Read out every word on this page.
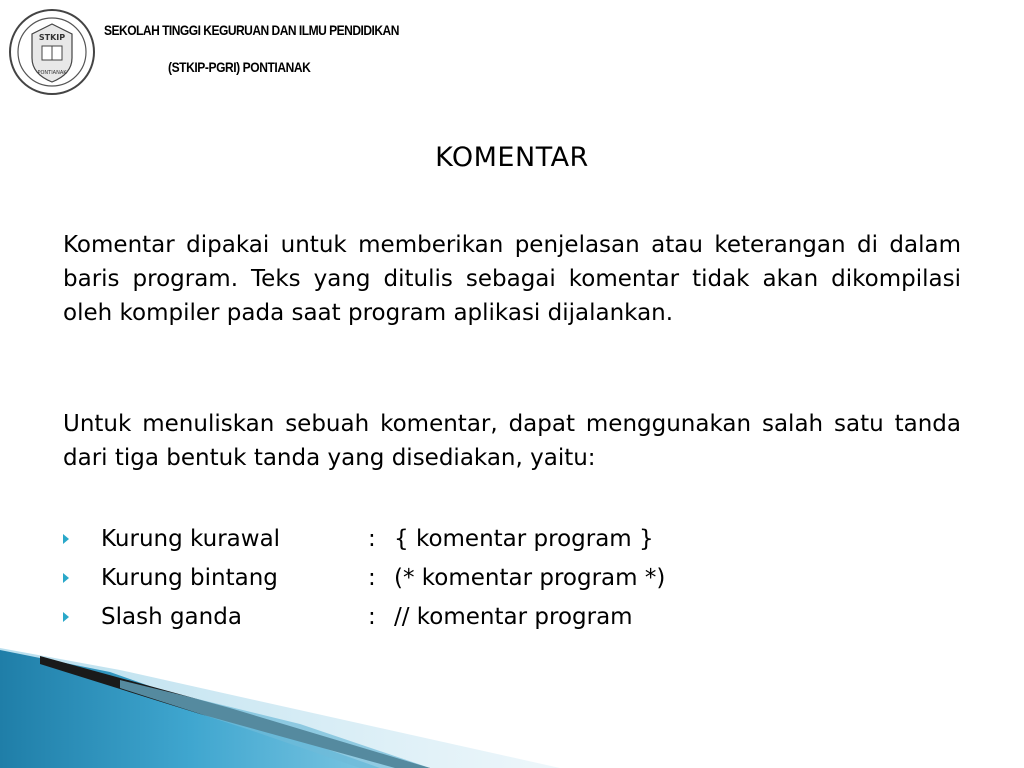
STKIP
PONTIANAK
SEKOLAH TINGGI KEGURUAN DAN ILMU PENDIDIKAN
(STKIP-PGRI) PONTIANAK
KOMENTAR

Komentar dipakai untuk memberikan penjelasan atau keterangan di dalam baris program. Teks yang ditulis sebagai komentar tidak akan dikompilasi oleh kompiler pada saat program aplikasi dijalankan.

Untuk menuliskan sebuah komentar, dapat menggunakan salah satu tanda dari tiga bentuk tanda yang disediakan, yaitu:

Kurung kurawal	: { komentar program }
Kurung bintang	: (* komentar program *)
Slash ganda	: // komentar program
